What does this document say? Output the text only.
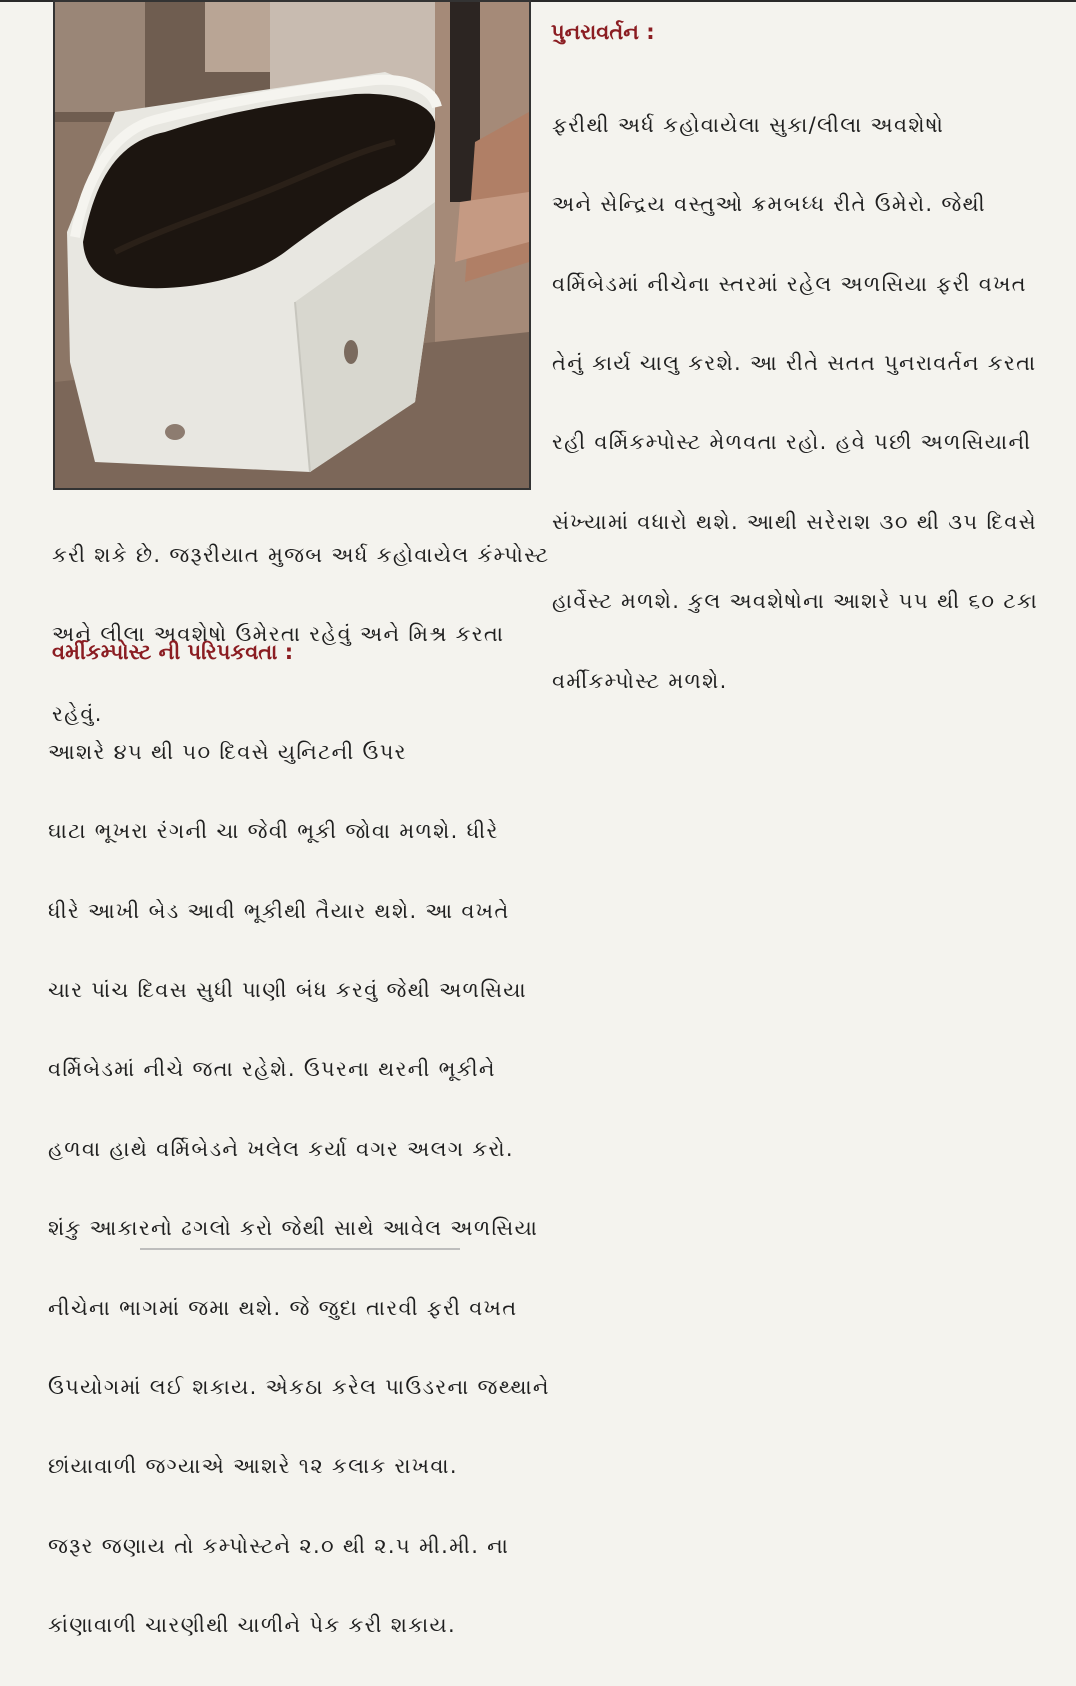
પુનરાવર્તન :

ફરીથી અર્ધ કહોવાયેલા સુકા/લીલા અવશેષો

અને સેન્દ્રિય વસ્તુઓ ક્રમબધ્ધ રીતે ઉમેરો. જેથી

વર્મિબેડમાં નીચેના સ્તરમાં રહેલ અળસિયા ફરી વખત

તેનું કાર્ય ચાલુ કરશે. આ રીતે સતત પુનરાવર્તન કરતા

રહી વર્મિકમ્પોસ્ટ મેળવતા રહો. હવે પછી અળસિયાની

સંખ્યામાં વધારો થશે. આથી સરેરાશ ૩૦ થી ૩૫ દિવસે

હાર્વેસ્ટ મળશે. કુલ અવશેષોના આશરે ૫૫ થી ૬૦ ટકા

વર્મીકમ્પોસ્ટ મળશે.

કરી શકે છે. જરૂરીયાત મુજબ અર્ધ કહોવાયેલ કંમ્પોસ્ટ

અને લીલા અવશેષો ઉમેરતા રહેવું અને મિશ્ર કરતા

રહેવું.

વર્મીકમ્પોસ્ટ ની પરિપકવતા :

આશરે ૪૫ થી ૫૦ દિવસે યુનિટની ઉપર

ઘાટા ભૂખરા રંગની ચા જેવી ભૂકી જોવા મળશે. ધીરે

ધીરે આખી બેડ આવી ભૂકીથી તૈયાર થશે. આ વખતે

ચાર પાંચ દિવસ સુધી પાણી બંધ કરવું જેથી અળસિયા

વર્મિબેડમાં નીચે જતા રહેશે. ઉપરના થરની ભૂકીને

હળવા હાથે વર્મિબેડને ખલેલ કર્યા વગર અલગ કરો.

શંકુ આકારનો ઢગલો કરો જેથી સાથે આવેલ અળસિયા

નીચેના ભાગમાં જમા થશે. જે જુદા તારવી ફરી વખત

ઉપયોગમાં લઈ શકાય. એકઠા કરેલ પાઉડરના જથ્થાને

છાંયાવાળી જગ્યાએ આશરે ૧૨ કલાક રાખવા.

જરૂર જણાય તો કમ્પોસ્ટને ૨.૦ થી ૨.૫ મી.મી. ના

કાંણાવાળી ચારણીથી ચાળીને પેક કરી શકાય.
